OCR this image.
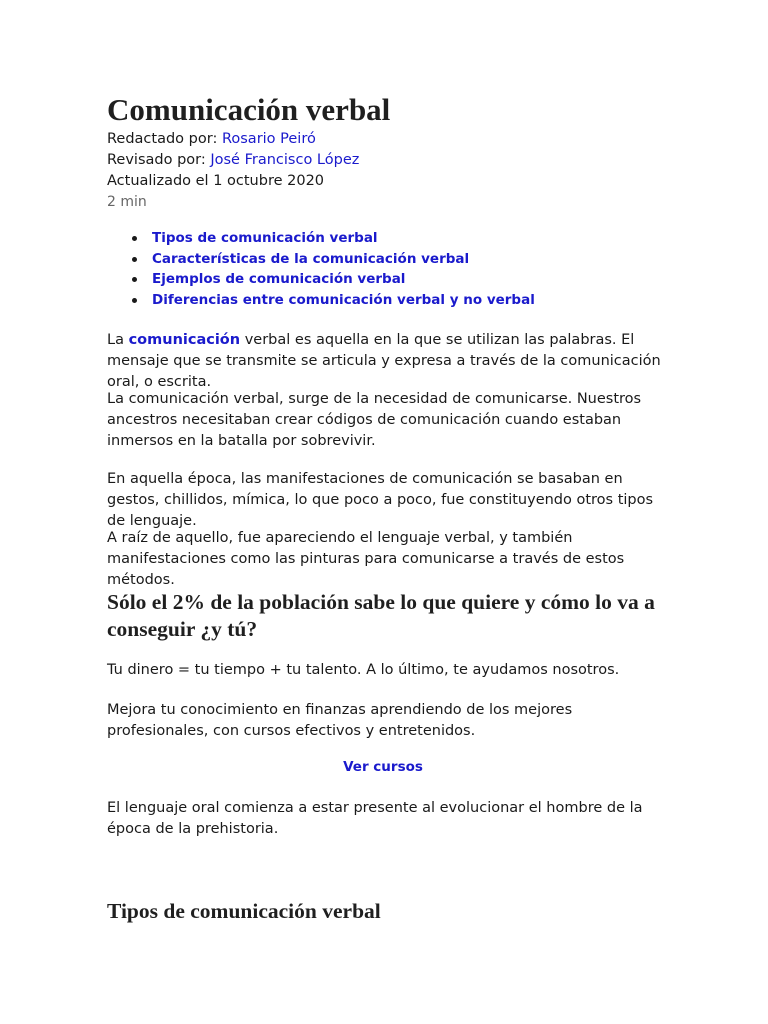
Comunicación verbal
Redactado por: Rosario Peiró
Revisado por: José Francisco López
Actualizado el 1 octubre 2020
2 min
Tipos de comunicación verbal
Características de la comunicación verbal
Ejemplos de comunicación verbal
Diferencias entre comunicación verbal y no verbal

La comunicación verbal es aquella en la que se utilizan las palabras. El mensaje que se transmite se articula y expresa a través de la comunicación oral, o escrita.

La comunicación verbal, surge de la necesidad de comunicarse. Nuestros ancestros necesitaban crear códigos de comunicación cuando estaban inmersos en la batalla por sobrevivir.

En aquella época, las manifestaciones de comunicación se basaban en gestos, chillidos, mímica, lo que poco a poco, fue constituyendo otros tipos de lenguaje.

A raíz de aquello, fue apareciendo el lenguaje verbal, y también manifestaciones como las pinturas para comunicarse a través de estos métodos.

Sólo el 2% de la población sabe lo que quiere y cómo lo va a conseguir ¿y tú?

Tu dinero = tu tiempo + tu talento. A lo último, te ayudamos nosotros.

Mejora tu conocimiento en finanzas aprendiendo de los mejores profesionales, con cursos efectivos y entretenidos.

Ver cursos

El lenguaje oral comienza a estar presente al evolucionar el hombre de la época de la prehistoria.

Tipos de comunicación verbal
